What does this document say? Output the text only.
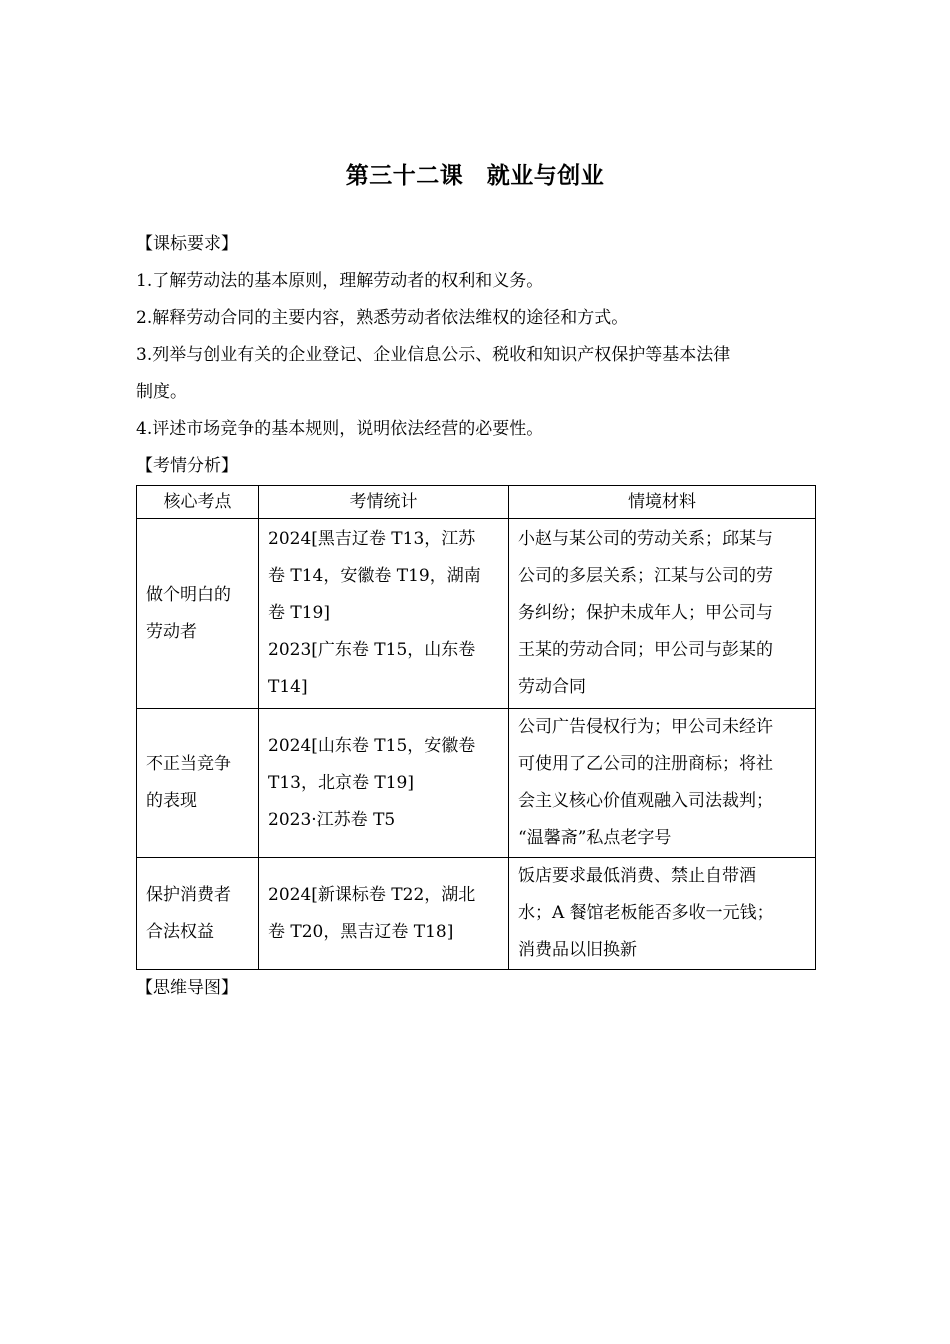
第三十二课　就业与创业

【课标要求】

1.了解劳动法的基本原则，理解劳动者的权利和义务。

2.解释劳动合同的主要内容，熟悉劳动者依法维权的途径和方式。

3.列举与创业有关的企业登记、企业信息公示、税收和知识产权保护等基本法律

制度。

4.评述市场竞争的基本规则，说明依法经营的必要性。

【考情分析】

核心考点	考情统计	情境材料

做个明白的
劳动者	2024[黑吉辽卷 T13，江苏
卷 T14，安徽卷 T19，湖南
卷 T19]
2023[广东卷 T15，山东卷
T14]	小赵与某公司的劳动关系；邱某与
公司的多层关系；江某与公司的劳
务纠纷；保护未成年人；甲公司与
王某的劳动合同；甲公司与彭某的
劳动合同

不正当竞争
的表现	2024[山东卷 T15，安徽卷
T13，北京卷 T19]
2023·江苏卷 T5	公司广告侵权行为；甲公司未经许
可使用了乙公司的注册商标；将社
会主义核心价值观融入司法裁判；
“温馨斋”私点老字号

保护消费者
合法权益	2024[新课标卷 T22，湖北
卷 T20，黑吉辽卷 T18]	饭店要求最低消费、禁止自带酒
水；A 餐馆老板能否多收一元钱；
消费品以旧换新

【思维导图】
